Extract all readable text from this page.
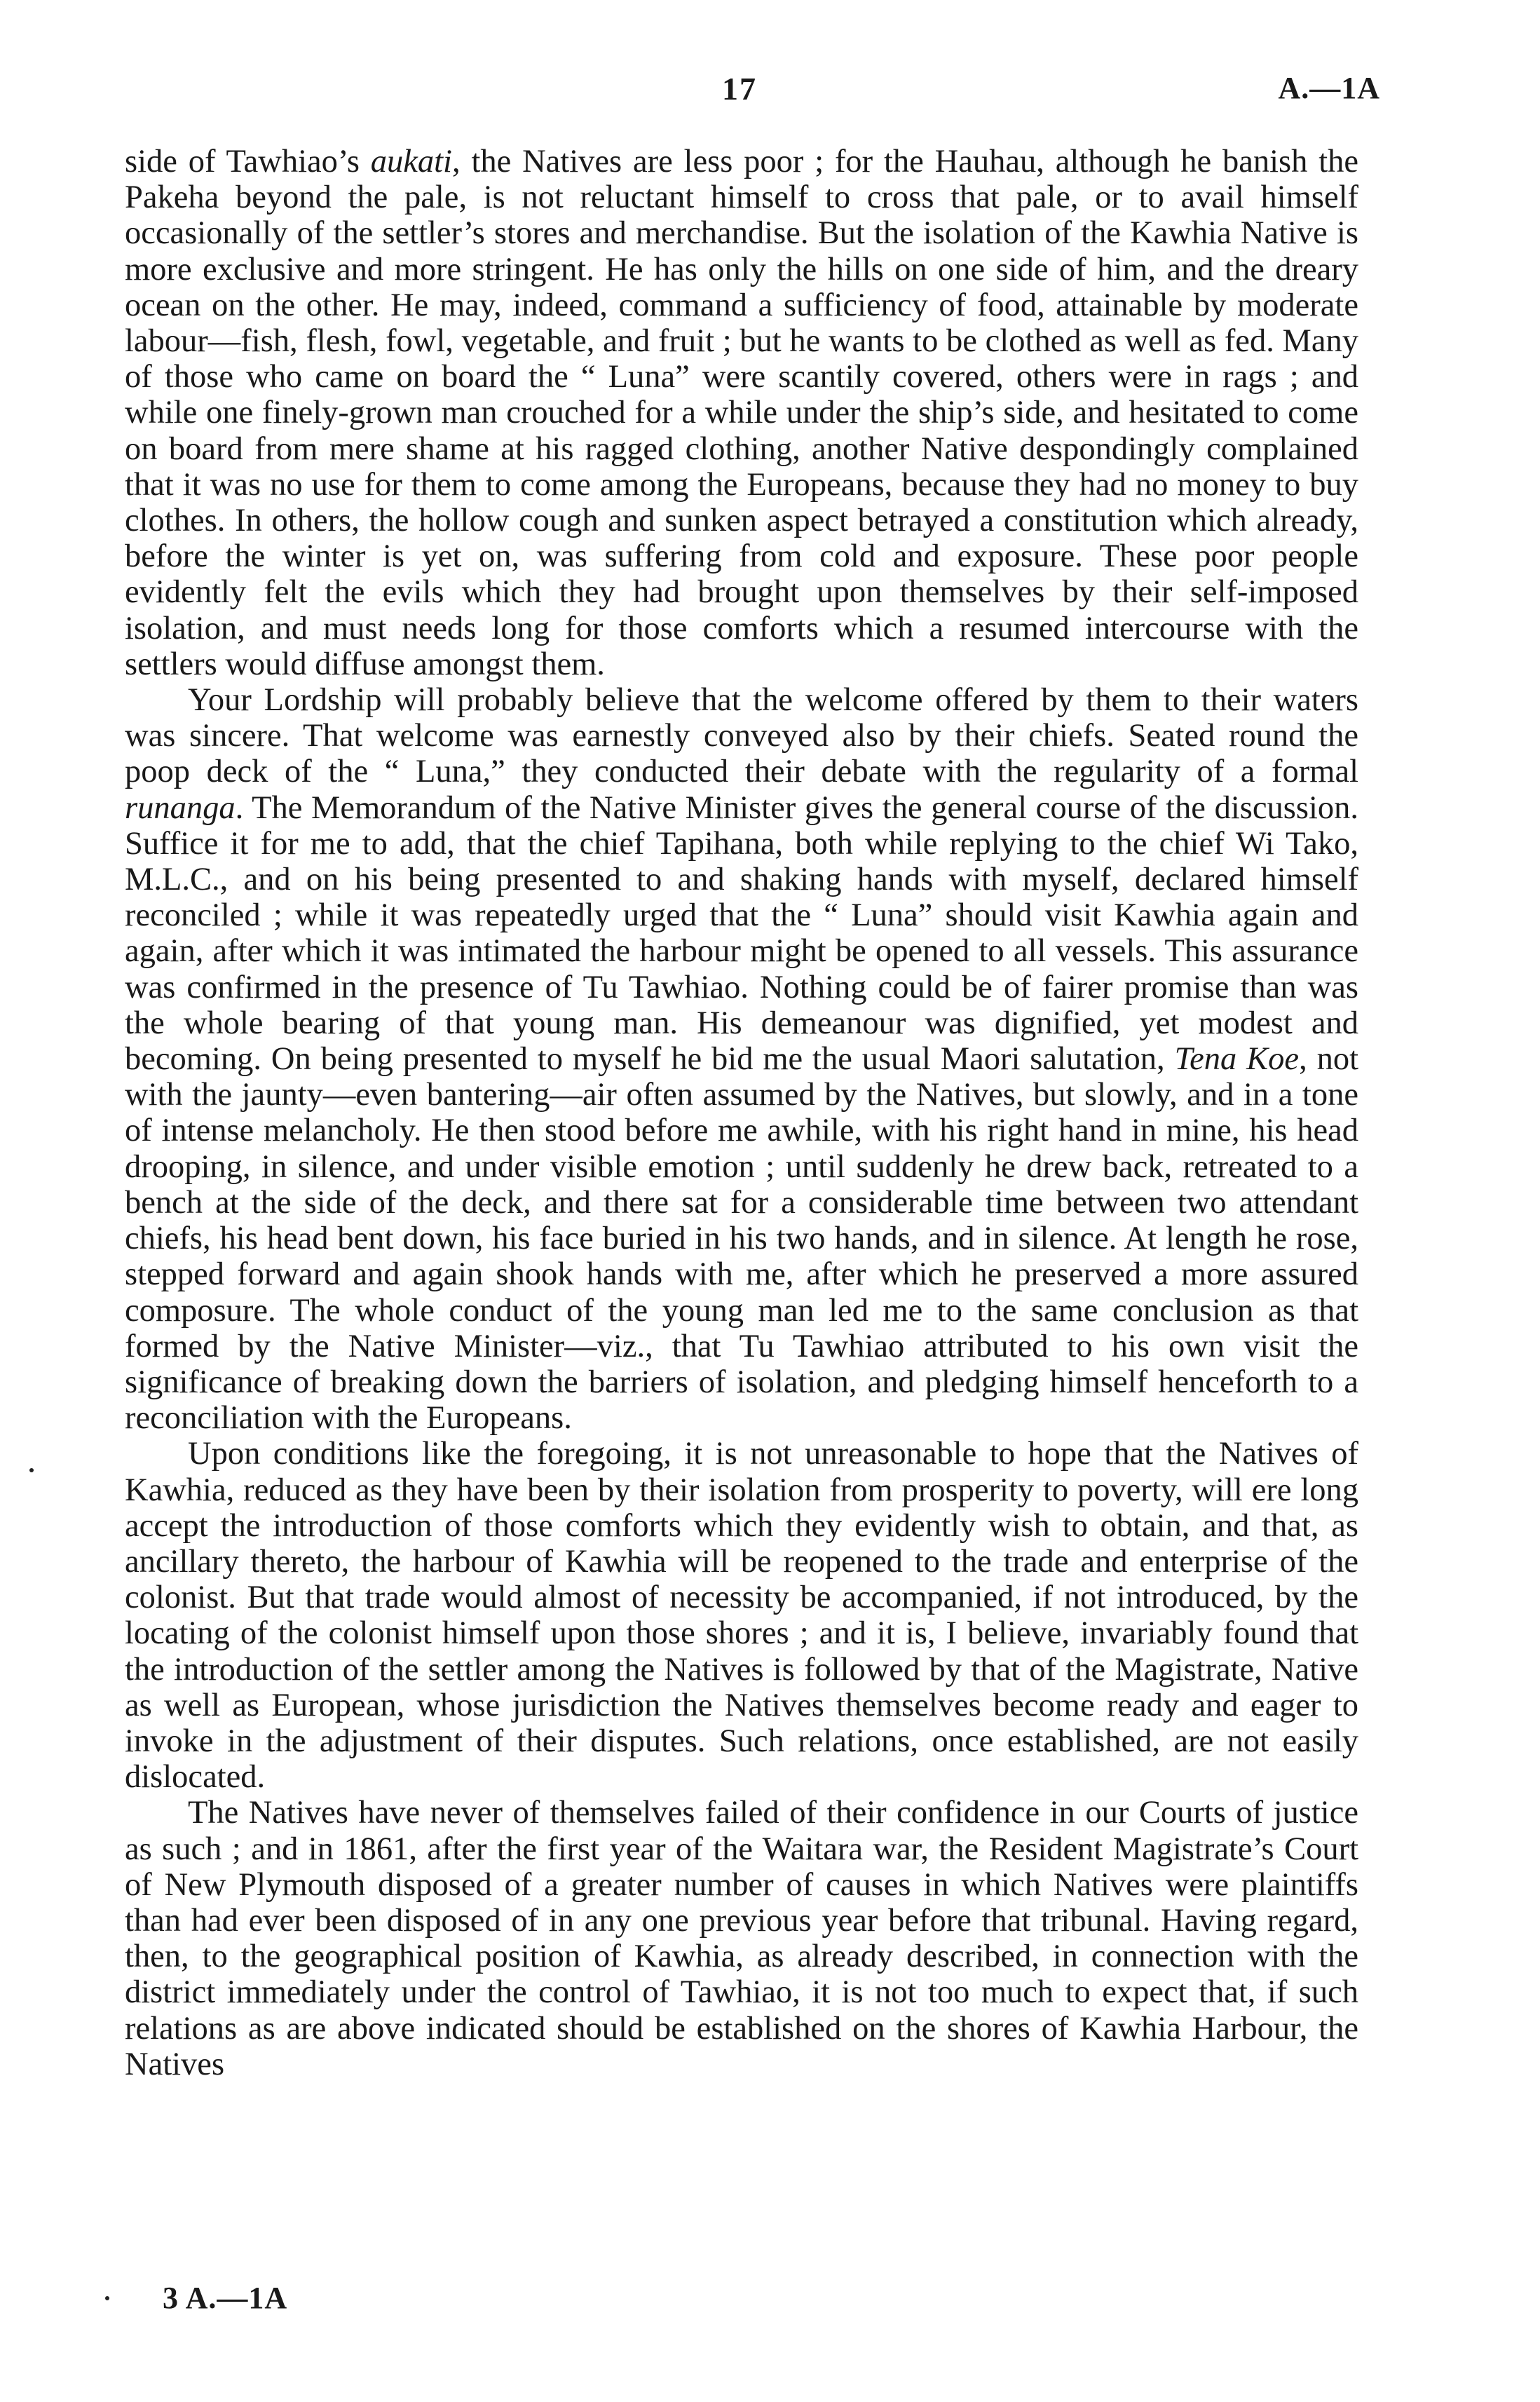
17	A.—1A

side of Tawhiao’s aukati, the Natives are less poor ; for the Hauhau, although he banish the Pakeha beyond the pale, is not reluctant himself to cross that pale, or to avail himself occasionally of the settler’s stores and merchandise. But the isolation of the Kawhia Native is more exclusive and more stringent. He has only the hills on one side of him, and the dreary ocean on the other. He may, indeed, command a sufficiency of food, attainable by moderate labour—fish, flesh, fowl, vegetable, and fruit ; but he wants to be clothed as well as fed. Many of those who came on board the “ Luna” were scantily covered, others were in rags ; and while one finely-grown man crouched for a while under the ship’s side, and hesitated to come on board from mere shame at his ragged clothing, another Native despondingly complained that it was no use for them to come among the Europeans, because they had no money to buy clothes. In others, the hollow cough and sunken aspect betrayed a constitution which already, before the winter is yet on, was suffering from cold and exposure. These poor people evidently felt the evils which they had brought upon themselves by their self-imposed isolation, and must needs long for those comforts which a resumed intercourse with the settlers would diffuse amongst them.

Your Lordship will probably believe that the welcome offered by them to their waters was sincere. That welcome was earnestly conveyed also by their chiefs. Seated round the poop deck of the “ Luna,” they conducted their debate with the regularity of a formal runanga. The Memorandum of the Native Minister gives the general course of the discussion. Suffice it for me to add, that the chief Tapihana, both while replying to the chief Wi Tako, M.L.C., and on his being presented to and shaking hands with myself, declared himself reconciled ; while it was repeatedly urged that the “ Luna” should visit Kawhia again and again, after which it was intimated the harbour might be opened to all vessels. This assurance was confirmed in the presence of Tu Tawhiao. Nothing could be of fairer promise than was the whole bearing of that young man. His demeanour was dignified, yet modest and becoming. On being presented to myself he bid me the usual Maori salutation, Tena Koe, not with the jaunty—even bantering—air often assumed by the Natives, but slowly, and in a tone of intense melancholy. He then stood before me awhile, with his right hand in mine, his head drooping, in silence, and under visible emotion ; until suddenly he drew back, retreated to a bench at the side of the deck, and there sat for a considerable time between two attendant chiefs, his head bent down, his face buried in his two hands, and in silence. At length he rose, stepped forward and again shook hands with me, after which he preserved a more assured composure. The whole conduct of the young man led me to the same conclusion as that formed by the Native Minister—viz., that Tu Tawhiao attributed to his own visit the significance of breaking down the barriers of isolation, and pledging himself henceforth to a reconciliation with the Europeans.

Upon conditions like the foregoing, it is not unreasonable to hope that the Natives of Kawhia, reduced as they have been by their isolation from prosperity to poverty, will ere long accept the introduction of those comforts which they evidently wish to obtain, and that, as ancillary thereto, the harbour of Kawhia will be reopened to the trade and enterprise of the colonist. But that trade would almost of necessity be accompanied, if not introduced, by the locating of the colonist himself upon those shores ; and it is, I believe, invariably found that the introduction of the settler among the Natives is followed by that of the Magistrate, Native as well as European, whose jurisdiction the Natives themselves become ready and eager to invoke in the adjustment of their disputes. Such relations, once established, are not easily dislocated.

The Natives have never of themselves failed of their confidence in our Courts of justice as such ; and in 1861, after the first year of the Waitara war, the Resident Magistrate’s Court of New Plymouth disposed of a greater number of causes in which Natives were plaintiffs than had ever been disposed of in any one previous year before that tribunal. Having regard, then, to the geographical position of Kawhia, as already described, in connection with the district immediately under the control of Tawhiao, it is not too much to expect that, if such relations as are above indicated should be established on the shores of Kawhia Harbour, the Natives

3 A.—1A
